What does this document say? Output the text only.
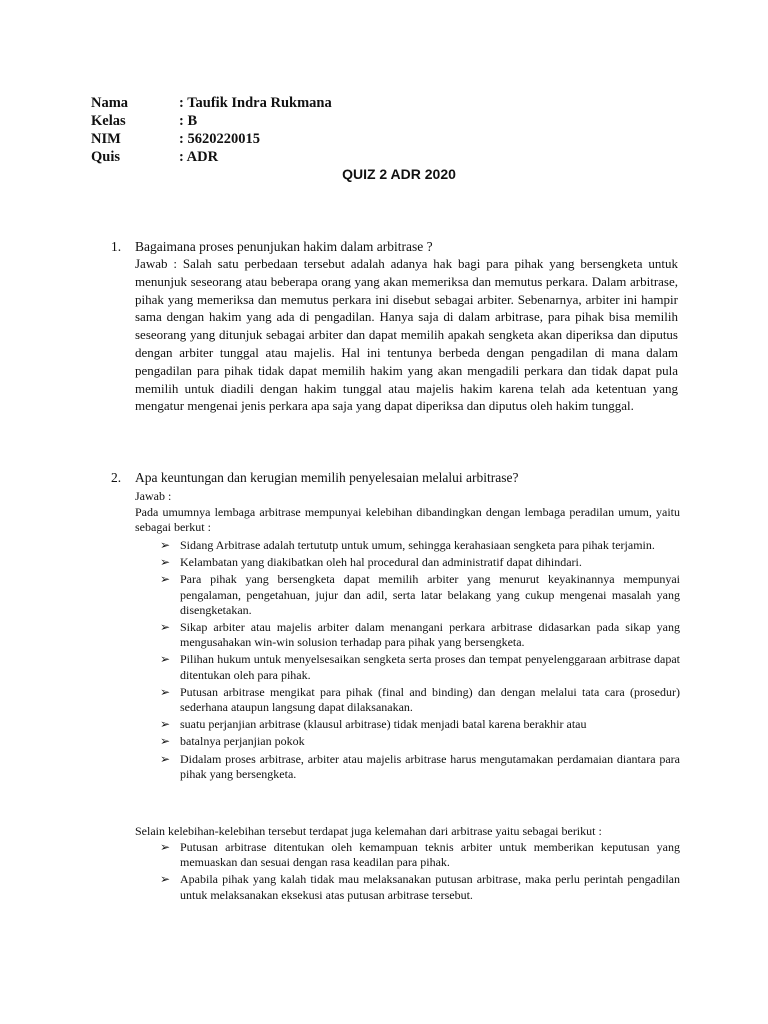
Nama	: Taufik Indra Rukmana
Kelas	: B
NIM	: 5620220015
Quis	: ADR
QUIZ 2 ADR 2020
1. Bagaimana proses penunjukan hakim dalam arbitrase ?
Jawab : Salah satu perbedaan tersebut adalah adanya hak bagi para pihak yang bersengketa untuk menunjuk seseorang atau beberapa orang yang akan memeriksa dan memutus perkara. Dalam arbitrase, pihak yang memeriksa dan memutus perkara ini disebut sebagai arbiter. Sebenarnya, arbiter ini hampir sama dengan hakim yang ada di pengadilan. Hanya saja di dalam arbitrase, para pihak bisa memilih seseorang yang ditunjuk sebagai arbiter dan dapat memilih apakah sengketa akan diperiksa dan diputus dengan arbiter tunggal atau majelis. Hal ini tentunya berbeda dengan pengadilan di mana dalam pengadilan para pihak tidak dapat memilih hakim yang akan mengadili perkara dan tidak dapat pula memilih untuk diadili dengan hakim tunggal atau majelis hakim karena telah ada ketentuan yang mengatur mengenai jenis perkara apa saja yang dapat diperiksa dan diputus oleh hakim tunggal.
2. Apa keuntungan dan kerugian memilih penyelesaian melalui arbitrase?
Jawab :
Pada umumnya lembaga arbitrase mempunyai kelebihan dibandingkan dengan lembaga peradilan umum, yaitu sebagai berkut :
➢ Sidang Arbitrase adalah tertututp untuk umum, sehingga kerahasiaan sengketa para pihak terjamin.
➢ Kelambatan yang diakibatkan oleh hal procedural dan administratif dapat dihindari.
➢ Para pihak yang bersengketa dapat memilih arbiter yang menurut keyakinannya mempunyai pengalaman, pengetahuan, jujur dan adil, serta latar belakang yang cukup mengenai masalah yang disengketakan.
➢ Sikap arbiter atau majelis arbiter dalam menangani perkara arbitrase didasarkan pada sikap yang mengusahakan win-win solusion terhadap para pihak yang bersengketa.
➢ Pilihan hukum untuk menyelsesaikan sengketa serta proses dan tempat penyelenggaraan arbitrase dapat ditentukan oleh para pihak.
➢ Putusan arbitrase mengikat para pihak (final and binding) dan dengan melalui tata cara (prosedur) sederhana ataupun langsung dapat dilaksanakan.
➢ suatu perjanjian arbitrase (klausul arbitrase) tidak menjadi batal karena berakhir atau
➢ batalnya perjanjian pokok
➢ Didalam proses arbitrase, arbiter atau majelis arbitrase harus mengutamakan perdamaian diantara para pihak yang bersengketa.
Selain kelebihan-kelebihan tersebut terdapat juga kelemahan dari arbitrase yaitu sebagai berikut :
➢ Putusan arbitrase ditentukan oleh kemampuan teknis arbiter untuk memberikan keputusan yang memuaskan dan sesuai dengan rasa keadilan para pihak.
➢ Apabila pihak yang kalah tidak mau melaksanakan putusan arbitrase, maka perlu perintah pengadilan untuk melaksanakan eksekusi atas putusan arbitrase tersebut.
